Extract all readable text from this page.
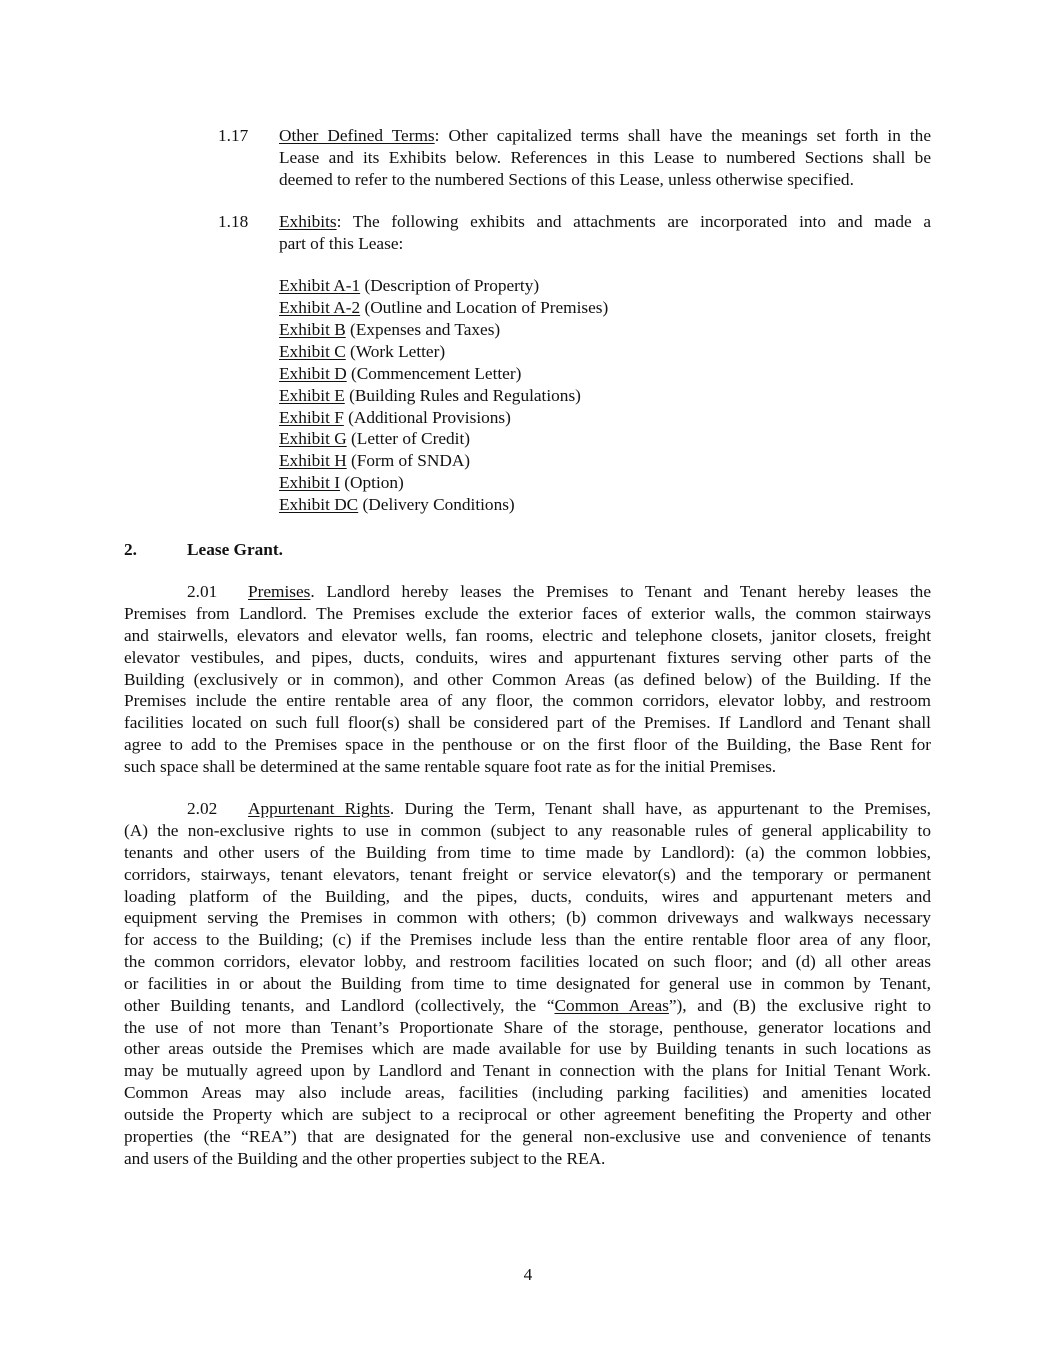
1.17 Other Defined Terms: Other capitalized terms shall have the meanings set forth in the
Lease and its Exhibits below. References in this Lease to numbered Sections shall be
deemed to refer to the numbered Sections of this Lease, unless otherwise specified.
1.18 Exhibits: The following exhibits and attachments are incorporated into and made a
part of this Lease:
Exhibit A-1 (Description of Property)
Exhibit A-2 (Outline and Location of Premises)
Exhibit B (Expenses and Taxes)
Exhibit C (Work Letter)
Exhibit D (Commencement Letter)
Exhibit E (Building Rules and Regulations)
Exhibit F (Additional Provisions)
Exhibit G (Letter of Credit)
Exhibit H (Form of SNDA)
Exhibit I (Option)
Exhibit DC (Delivery Conditions)
2.	Lease Grant.
2.01 Premises. Landlord hereby leases the Premises to Tenant and Tenant hereby leases the
Premises from Landlord. The Premises exclude the exterior faces of exterior walls, the common stairways
and stairwells, elevators and elevator wells, fan rooms, electric and telephone closets, janitor closets, freight
elevator vestibules, and pipes, ducts, conduits, wires and appurtenant fixtures serving other parts of the
Building (exclusively or in common), and other Common Areas (as defined below) of the Building. If the
Premises include the entire rentable area of any floor, the common corridors, elevator lobby, and restroom
facilities located on such full floor(s) shall be considered part of the Premises. If Landlord and Tenant shall
agree to add to the Premises space in the penthouse or on the first floor of the Building, the Base Rent for
such space shall be determined at the same rentable square foot rate as for the initial Premises.
2.02 Appurtenant Rights. During the Term, Tenant shall have, as appurtenant to the Premises,
(A) the non-exclusive rights to use in common (subject to any reasonable rules of general applicability to
tenants and other users of the Building from time to time made by Landlord): (a) the common lobbies,
corridors, stairways, tenant elevators, tenant freight or service elevator(s) and the temporary or permanent
loading platform of the Building, and the pipes, ducts, conduits, wires and appurtenant meters and
equipment serving the Premises in common with others; (b) common driveways and walkways necessary
for access to the Building; (c) if the Premises include less than the entire rentable floor area of any floor,
the common corridors, elevator lobby, and restroom facilities located on such floor; and (d) all other areas
or facilities in or about the Building from time to time designated for general use in common by Tenant,
other Building tenants, and Landlord (collectively, the “Common Areas”), and (B) the exclusive right to
the use of not more than Tenant’s Proportionate Share of the storage, penthouse, generator locations and
other areas outside the Premises which are made available for use by Building tenants in such locations as
may be mutually agreed upon by Landlord and Tenant in connection with the plans for Initial Tenant Work.
Common Areas may also include areas, facilities (including parking facilities) and amenities located
outside the Property which are subject to a reciprocal or other agreement benefiting the Property and other
properties (the “REA”) that are designated for the general non-exclusive use and convenience of tenants
and users of the Building and the other properties subject to the REA.
4
